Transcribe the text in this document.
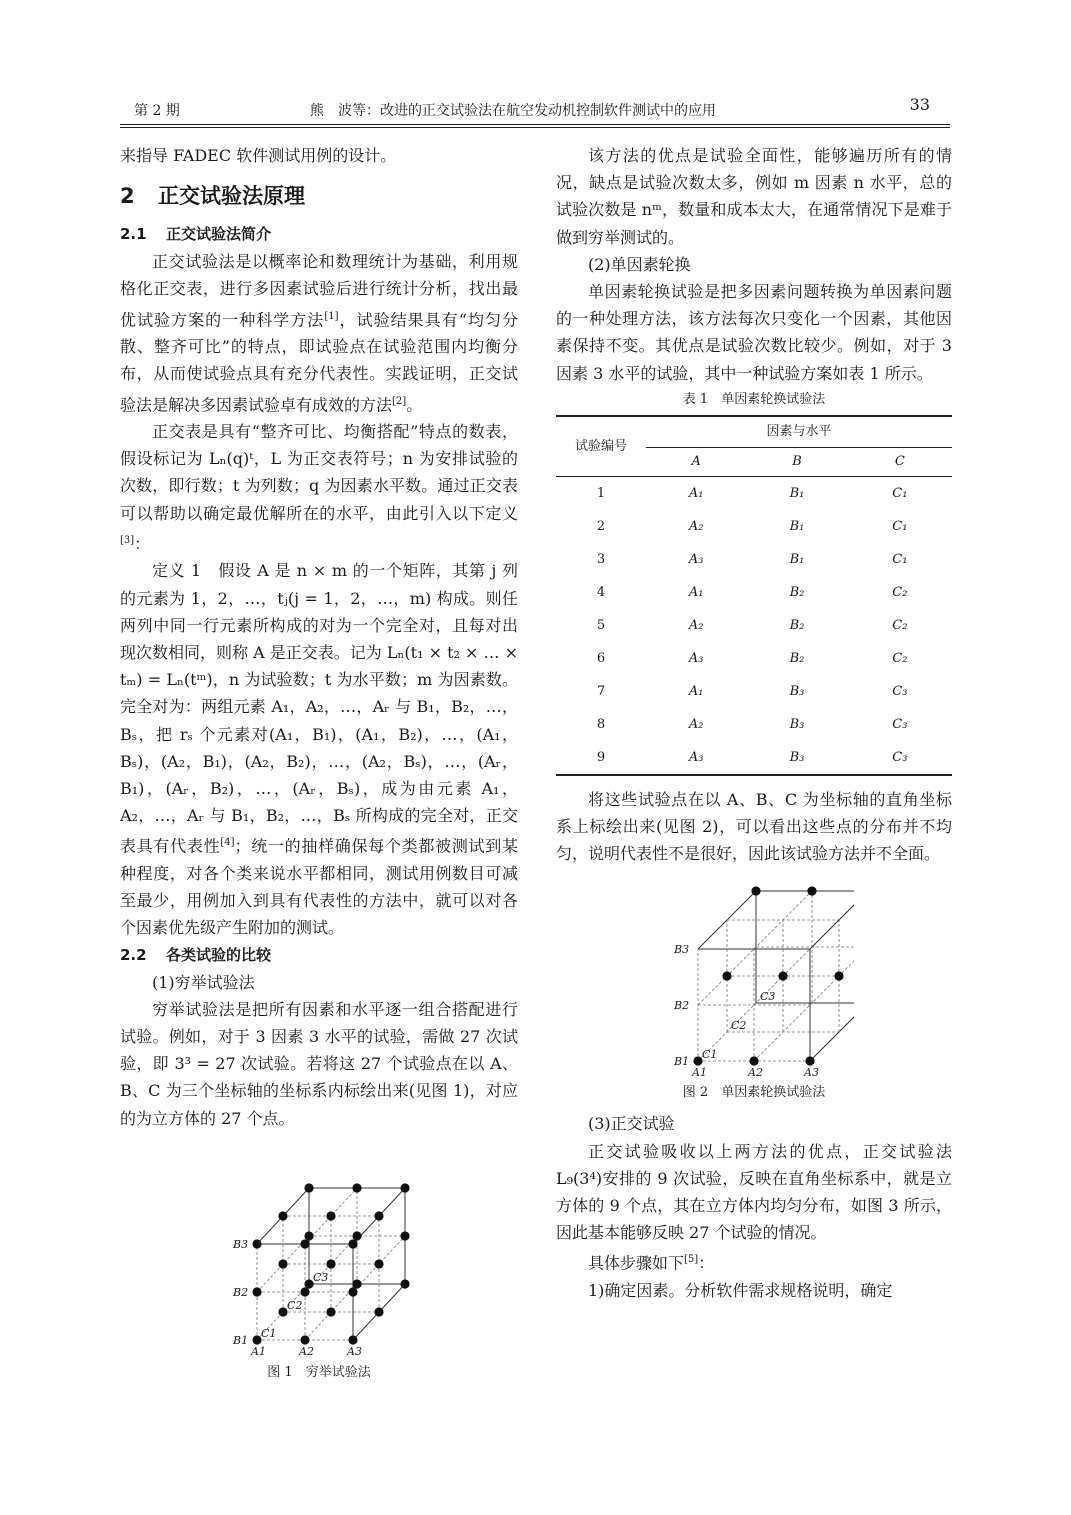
第 2 期	熊　波等：改进的正交试验法在航空发动机控制软件测试中的应用	33

来指导 FADEC 软件测试用例的设计。

2 正交试验法原理
2.1 正交试验法简介

正交试验法是以概率论和数理统计为基础，利用规格化正交表，进行多因素试验后进行统计分析，找出最优试验方案的一种科学方法[1]，试验结果具有“均匀分散、整齐可比”的特点，即试验点在试验范围内均衡分布，从而使试验点具有充分代表性。实践证明，正交试验法是解决多因素试验卓有成效的方法[2]。

正交表是具有“整齐可比、均衡搭配”特点的数表，假设标记为 Lₙ(q)ᵗ，L 为正交表符号；n 为安排试验的次数，即行数；t 为列数；q 为因素水平数。通过正交表可以帮助以确定最优解所在的水平，由此引入以下定义[3]：

定义 1　假设 A 是 n × m 的一个矩阵，其第 j 列的元素为 1，2，…，tⱼ(j = 1，2，…，m) 构成。则任两列中同一行元素所构成的对为一个完全对，且每对出现次数相同，则称 A 是正交表。记为 Lₙ(t₁ × t₂ × … × tₘ) = Lₙ(tᵐ)，n 为试验数；t 为水平数；m 为因素数。完全对为：两组元素 A₁，A₂，…，Aᵣ 与 B₁，B₂，…，Bₛ，把 rₛ 个元素对(A₁，B₁)，(A₁，B₂)，…，(A₁，Bₛ)，(A₂，B₁)，(A₂，B₂)，…，(A₂，Bₛ)，…，(Aᵣ，B₁)，(Aᵣ，B₂)，…，(Aᵣ，Bₛ)，成为由元素 A₁，A₂，…，Aᵣ 与 B₁，B₂，…，Bₛ 所构成的完全对，正交表具有代表性[4]；统一的抽样确保每个类都被测试到某种程度，对各个类来说水平都相同，测试用例数目可减至最少，用例加入到具有代表性的方法中，就可以对各个因素优先级产生附加的测试。

2.2 各类试验的比较

(1)穷举试验法

穷举试验法是把所有因素和水平逐一组合搭配进行试验。例如，对于 3 因素 3 水平的试验，需做 27 次试验，即 3³ = 27 次试验。若将这 27 个试验点在以 A、B、C 为三个坐标轴的坐标系内标绘出来(见图 1)，对应的为立方体的 27 个点。

A1	A2	A3
B1
B2
B3
C1
C2
C3
图 1　穷举试验法

该方法的优点是试验全面性，能够遍历所有的情况，缺点是试验次数太多，例如 m 因素 n 水平，总的试验次数是 nᵐ，数量和成本太大，在通常情况下是难于做到穷举测试的。

(2)单因素轮换

单因素轮换试验是把多因素问题转换为单因素问题的一种处理方法，该方法每次只变化一个因素，其他因素保持不变。其优点是试验次数比较少。例如，对于 3 因素 3 水平的试验，其中一种试验方案如表 1 所示。

表 1　单因素轮换试验法
试验编号	因素与水平		
	A	B	C
1	A₁	B₁	C₁
2	A₂	B₁	C₁
3	A₃	B₁	C₁
4	A₁	B₂	C₂
5	A₂	B₂	C₂
6	A₃	B₂	C₂
7	A₁	B₃	C₃
8	A₂	B₃	C₃
9	A₃	B₃	C₃

将这些试验点在以 A、B、C 为坐标轴的直角坐标系上标绘出来(见图 2)，可以看出这些点的分布并不均匀，说明代表性不是很好，因此该试验方法并不全面。

A1	A2	A3
B1
B2
B3
C1
C2
C3
图 2　单因素轮换试验法

(3)正交试验

正交试验吸收以上两方法的优点，正交试验法 L₉(3⁴)安排的 9 次试验，反映在直角坐标系中，就是立方体的 9 个点，其在立方体内均匀分布，如图 3 所示，因此基本能够反映 27 个试验的情况。

具体步骤如下[5]：

1)确定因素。分析软件需求规格说明，确定
